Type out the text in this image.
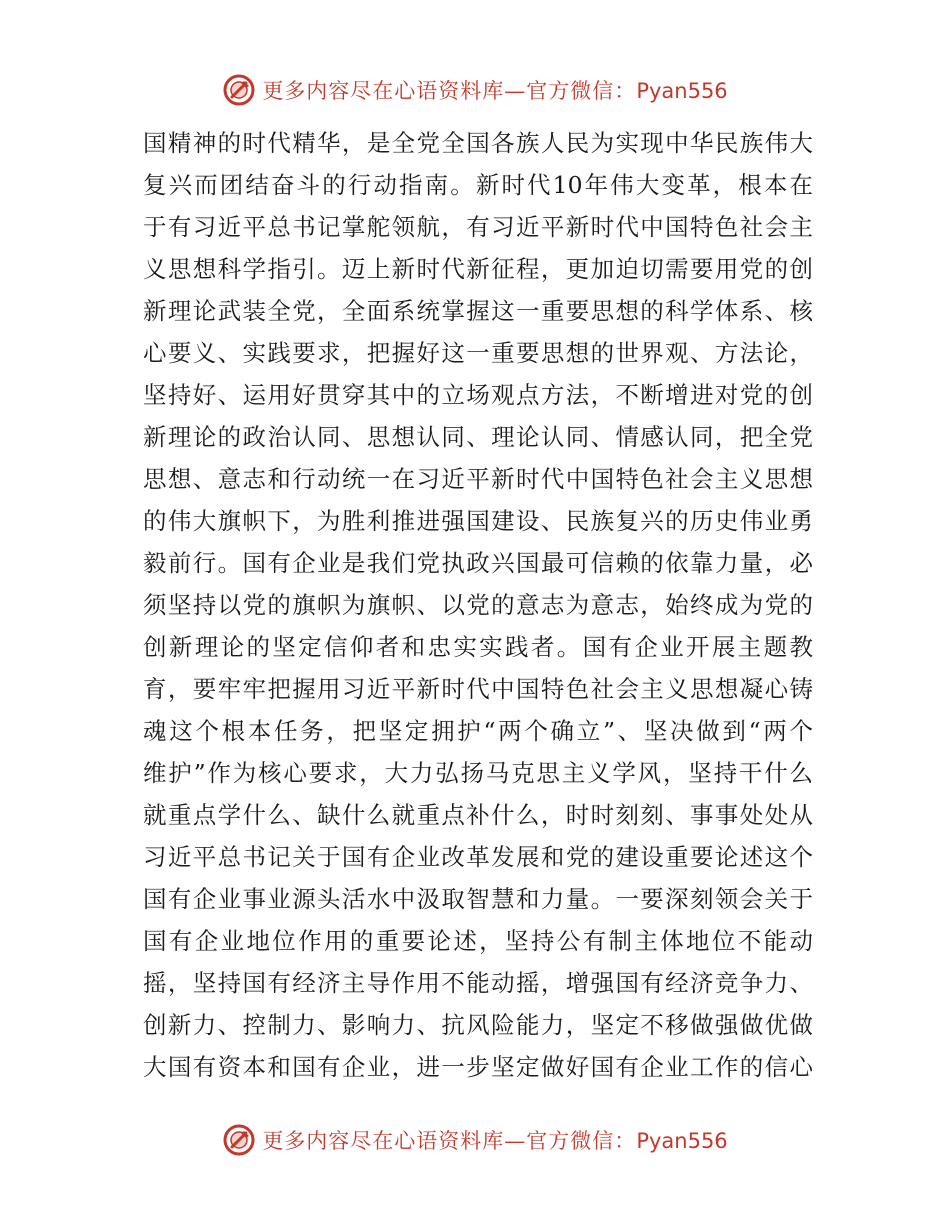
更多内容尽在心语资料库—官方微信：Pyan556
国精神的时代精华，是全党全国各族人民为实现中华民族伟大
复兴而团结奋斗的行动指南。新时代10年伟大变革，根本在
于有习近平总书记掌舵领航，有习近平新时代中国特色社会主
义思想科学指引。迈上新时代新征程，更加迫切需要用党的创
新理论武装全党，全面系统掌握这一重要思想的科学体系、核
心要义、实践要求，把握好这一重要思想的世界观、方法论，
坚持好、运用好贯穿其中的立场观点方法，不断增进对党的创
新理论的政治认同、思想认同、理论认同、情感认同，把全党
思想、意志和行动统一在习近平新时代中国特色社会主义思想
的伟大旗帜下，为胜利推进强国建设、民族复兴的历史伟业勇
毅前行。国有企业是我们党执政兴国最可信赖的依靠力量，必
须坚持以党的旗帜为旗帜、以党的意志为意志，始终成为党的
创新理论的坚定信仰者和忠实实践者。国有企业开展主题教
育，要牢牢把握用习近平新时代中国特色社会主义思想凝心铸
魂这个根本任务，把坚定拥护“两个确立”、坚决做到“两个
维护”作为核心要求，大力弘扬马克思主义学风，坚持干什么
就重点学什么、缺什么就重点补什么，时时刻刻、事事处处从
习近平总书记关于国有企业改革发展和党的建设重要论述这个
国有企业事业源头活水中汲取智慧和力量。一要深刻领会关于
国有企业地位作用的重要论述，坚持公有制主体地位不能动
摇，坚持国有经济主导作用不能动摇，增强国有经济竞争力、
创新力、控制力、影响力、抗风险能力，坚定不移做强做优做
大国有资本和国有企业，进一步坚定做好国有企业工作的信心
更多内容尽在心语资料库—官方微信：Pyan556
